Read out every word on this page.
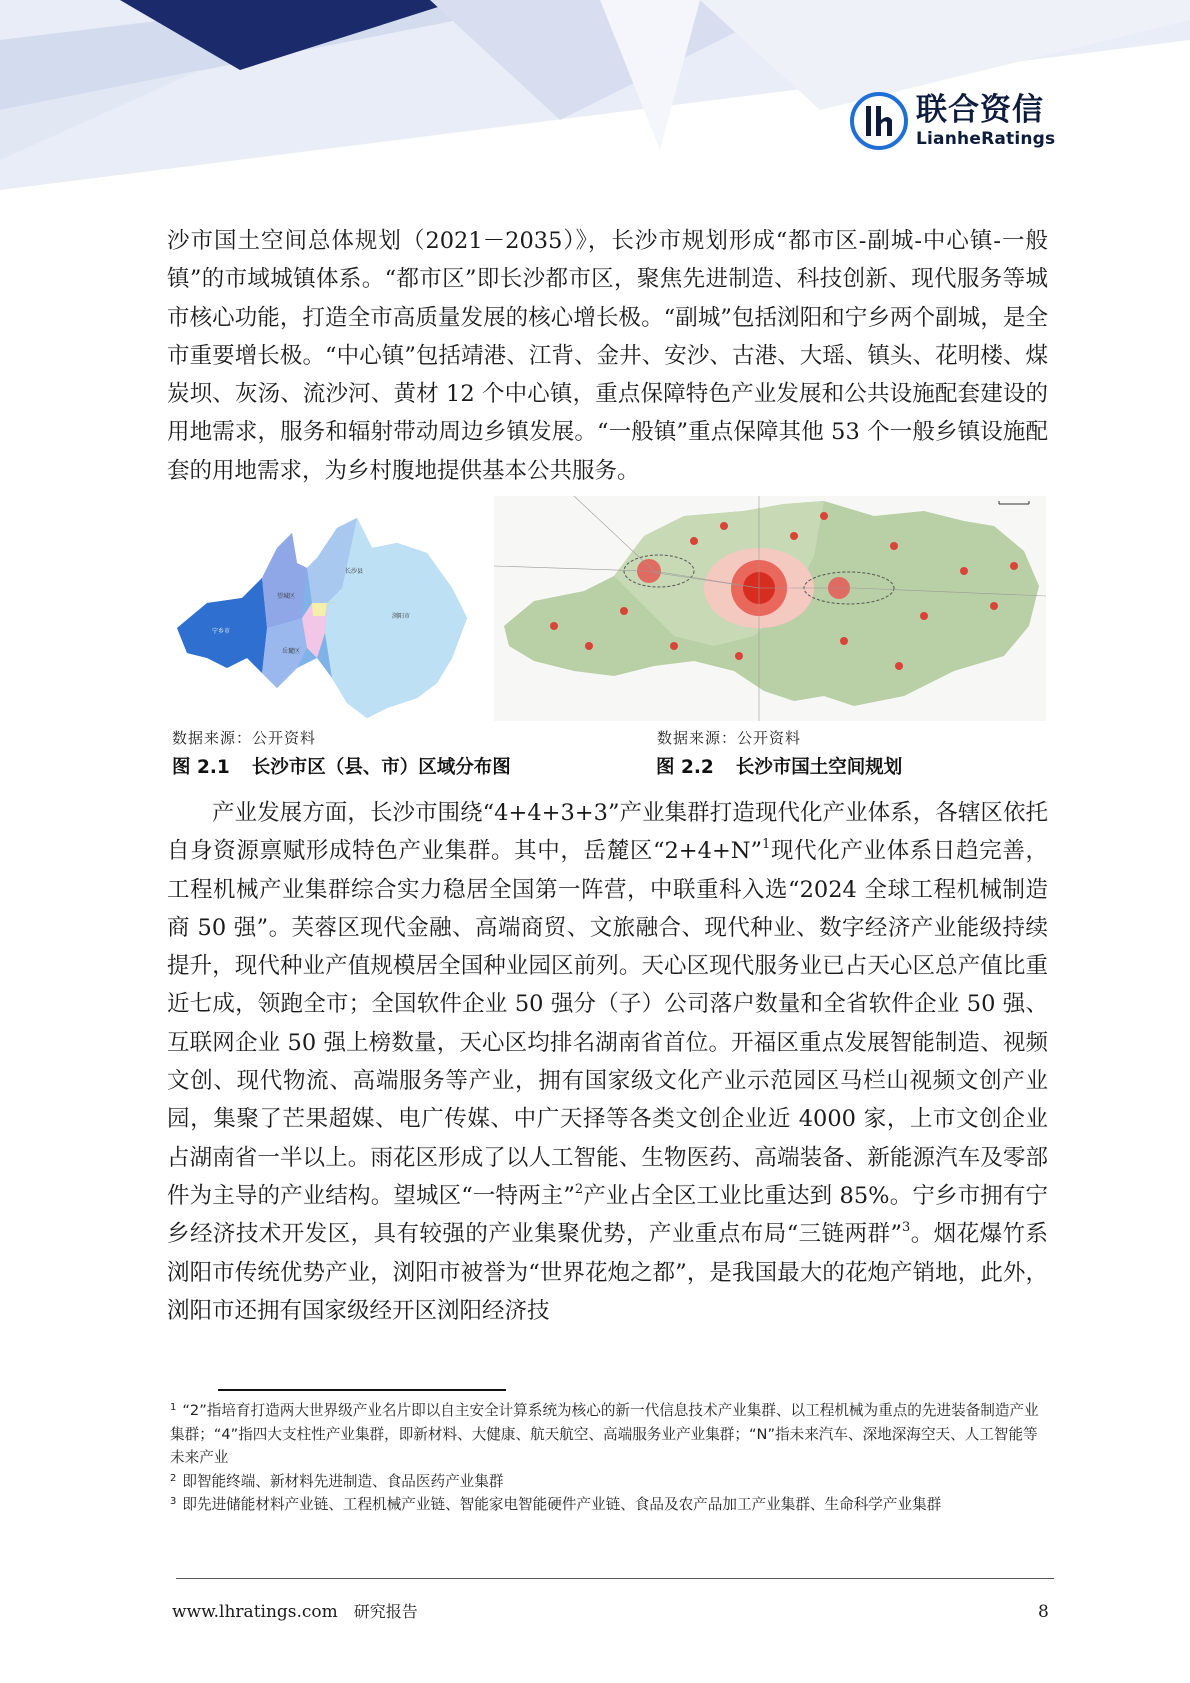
联合资信
LianheRatings

沙市国土空间总体规划（2021－2035）》，长沙市规划形成“都市区-副城-中心镇-一般镇”的市域城镇体系。“都市区”即长沙都市区，聚焦先进制造、科技创新、现代服务等城市核心功能，打造全市高质量发展的核心增长极。“副城”包括浏阳和宁乡两个副城，是全市重要增长极。“中心镇”包括靖港、江背、金井、安沙、古港、大瑶、镇头、花明楼、煤炭坝、灰汤、流沙河、黄材 12 个中心镇，重点保障特色产业发展和公共设施配套建设的用地需求，服务和辐射带动周边乡镇发展。“一般镇”重点保障其他 53 个一般乡镇设施配套的用地需求，为乡村腹地提供基本公共服务。

宁乡市
望城区
岳麓区
长沙县
浏阳市
数据来源：公开资料	数据来源：公开资料
图 2.1 长沙市区（县、市）区域分布图	图 2.2 长沙市国土空间规划

产业发展方面，长沙市围绕“4+4+3+3”产业集群打造现代化产业体系，各辖区依托自身资源禀赋形成特色产业集群。其中，岳麓区“2+4+N”$^1$现代化产业体系日趋完善，工程机械产业集群综合实力稳居全国第一阵营，中联重科入选“2024 全球工程机械制造商 50 强”。芙蓉区现代金融、高端商贸、文旅融合、现代种业、数字经济产业能级持续提升，现代种业产值规模居全国种业园区前列。天心区现代服务业已占天心区总产值比重近七成，领跑全市；全国软件企业 50 强分（子）公司落户数量和全省软件企业 50 强、互联网企业 50 强上榜数量，天心区均排名湖南省首位。开福区重点发展智能制造、视频文创、现代物流、高端服务等产业，拥有国家级文化产业示范园区马栏山视频文创产业园，集聚了芒果超媒、电广传媒、中广天择等各类文创企业近 4000 家，上市文创企业占湖南省一半以上。雨花区形成了以人工智能、生物医药、高端装备、新能源汽车及零部件为主导的产业结构。望城区“一特两主”$^2$产业占全区工业比重达到 85%。宁乡市拥有宁乡经济技术开发区，具有较强的产业集聚优势，产业重点布局“三链两群”$^3$。烟花爆竹系浏阳市传统优势产业，浏阳市被誉为“世界花炮之都”，是我国最大的花炮产销地，此外，浏阳市还拥有国家级经开区浏阳经济技

$^1$ “2”指培育打造两大世界级产业名片即以自主安全计算系统为核心的新一代信息技术产业集群、以工程机械为重点的先进装备制造产业集群；“4”指四大支柱性产业集群，即新材料、大健康、航天航空、高端服务业产业集群；“N”指未来汽车、深地深海空天、人工智能等未来产业

$^2$ 即智能终端、新材料先进制造、食品医药产业集群

$^3$ 即先进储能材料产业链、工程机械产业链、智能家电智能硬件产业链、食品及农产品加工产业集群、生命科学产业集群

www.lhratings.com 研究报告	8
